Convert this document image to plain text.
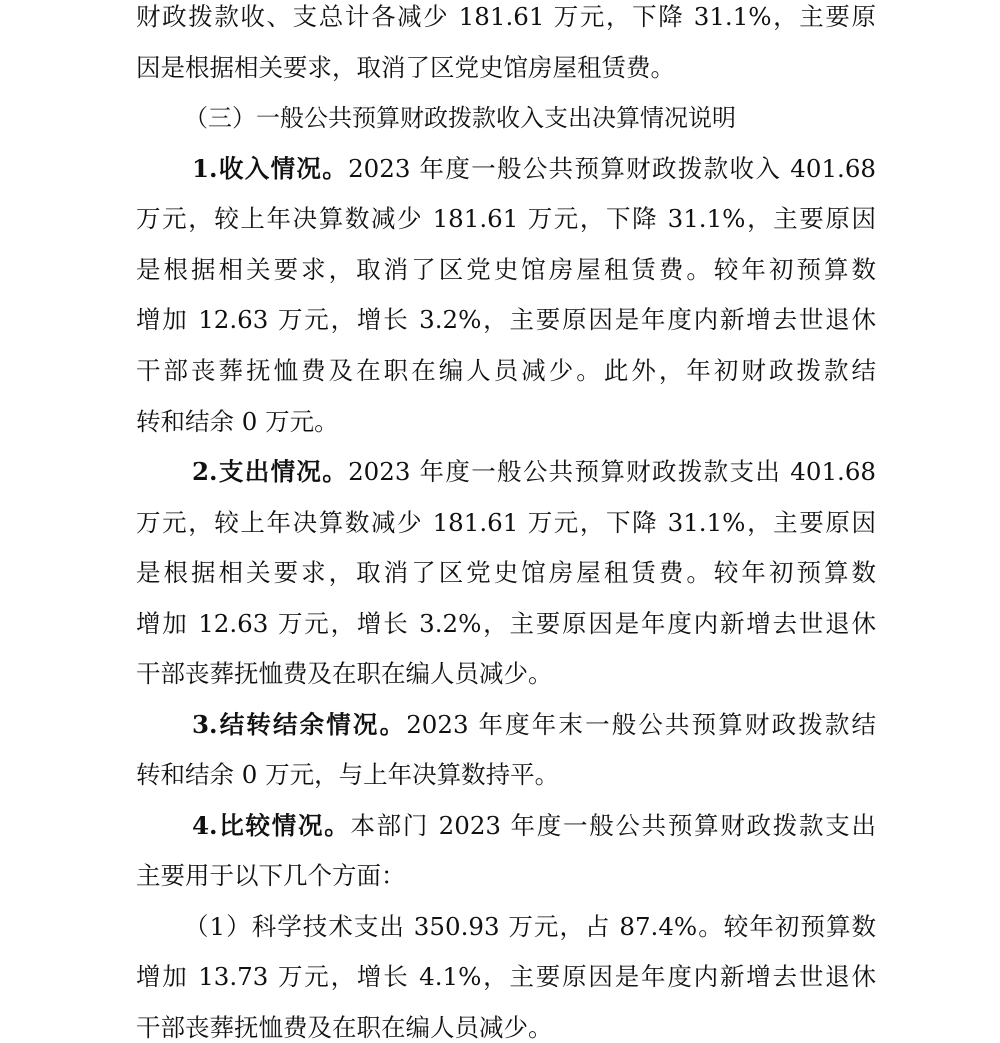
财政拨款收、支总计各减少 181.61 万元，下降 31.1%，主要原
因是根据相关要求，取消了区党史馆房屋租赁费。
（三）一般公共预算财政拨款收入支出决算情况说明
1.收入情况。2023 年度一般公共预算财政拨款收入 401.68
万元，较上年决算数减少 181.61 万元，下降 31.1%，主要原因
是根据相关要求，取消了区党史馆房屋租赁费。较年初预算数
增加 12.63 万元，增长 3.2%，主要原因是年度内新增去世退休
干部丧葬抚恤费及在职在编人员减少。此外，年初财政拨款结
转和结余 0 万元。
2.支出情况。2023 年度一般公共预算财政拨款支出 401.68
万元，较上年决算数减少 181.61 万元，下降 31.1%，主要原因
是根据相关要求，取消了区党史馆房屋租赁费。较年初预算数
增加 12.63 万元，增长 3.2%，主要原因是年度内新增去世退休
干部丧葬抚恤费及在职在编人员减少。
3.结转结余情况。2023 年度年末一般公共预算财政拨款结
转和结余 0 万元，与上年决算数持平。
4.比较情况。本部门 2023 年度一般公共预算财政拨款支出
主要用于以下几个方面：
（1）科学技术支出 350.93 万元，占 87.4%。较年初预算数
增加 13.73 万元，增长 4.1%，主要原因是年度内新增去世退休
干部丧葬抚恤费及在职在编人员减少。
